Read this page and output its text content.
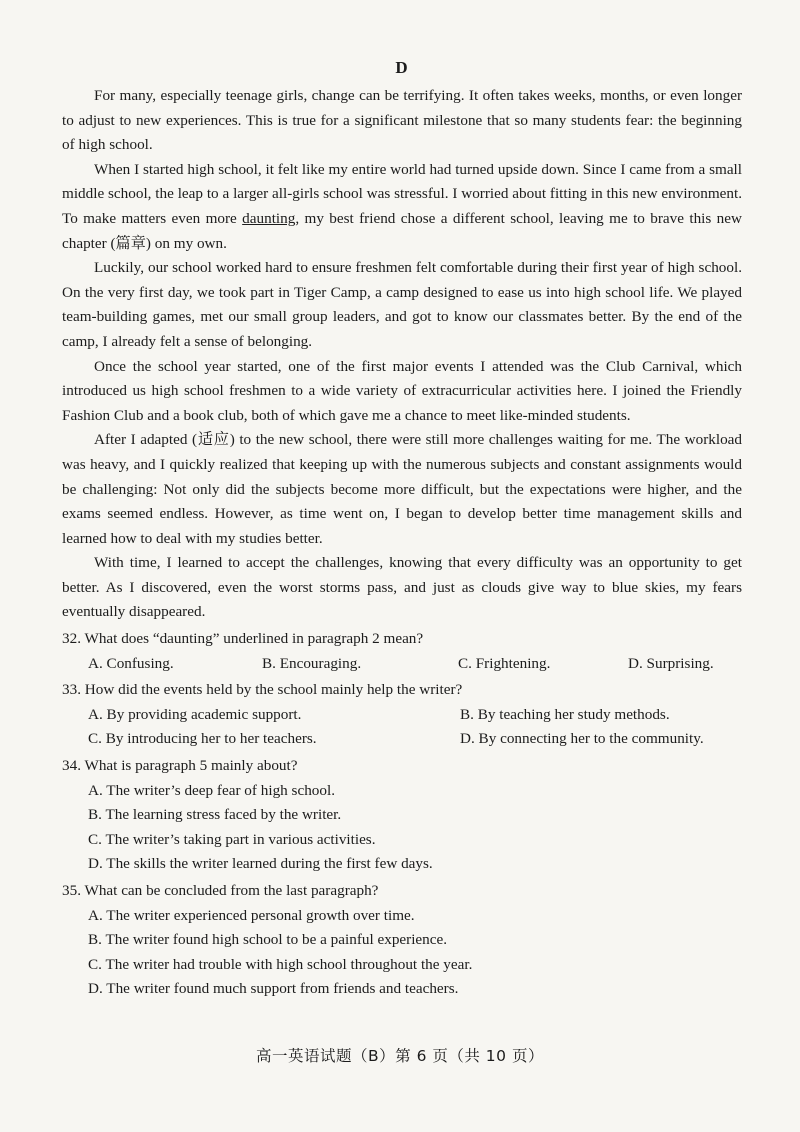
D

For many, especially teenage girls, change can be terrifying. It often takes weeks, months, or even longer to adjust to new experiences. This is true for a significant milestone that so many students fear: the beginning of high school.

When I started high school, it felt like my entire world had turned upside down. Since I came from a small middle school, the leap to a larger all-girls school was stressful. I worried about fitting in this new environment. To make matters even more daunting, my best friend chose a different school, leaving me to brave this new chapter (篇章) on my own.

Luckily, our school worked hard to ensure freshmen felt comfortable during their first year of high school. On the very first day, we took part in Tiger Camp, a camp designed to ease us into high school life. We played team-building games, met our small group leaders, and got to know our classmates better. By the end of the camp, I already felt a sense of belonging.

Once the school year started, one of the first major events I attended was the Club Carnival, which introduced us high school freshmen to a wide variety of extracurricular activities here. I joined the Friendly Fashion Club and a book club, both of which gave me a chance to meet like-minded students.

After I adapted (适应) to the new school, there were still more challenges waiting for me. The workload was heavy, and I quickly realized that keeping up with the numerous subjects and constant assignments would be challenging: Not only did the subjects become more difficult, but the expectations were higher, and the exams seemed endless. However, as time went on, I began to develop better time management skills and learned how to deal with my studies better.

With time, I learned to accept the challenges, knowing that every difficulty was an opportunity to get better. As I discovered, even the worst storms pass, and just as clouds give way to blue skies, my fears eventually disappeared.

32. What does “daunting” underlined in paragraph 2 mean?

A. Confusing.	B. Encouraging.	C. Frightening.	D. Surprising.

33. How did the events held by the school mainly help the writer?

A. By providing academic support.	B. By teaching her study methods.
C. By introducing her to her teachers.	D. By connecting her to the community.

34. What is paragraph 5 mainly about?

A. The writer’s deep fear of high school.
B. The learning stress faced by the writer.
C. The writer’s taking part in various activities.
D. The skills the writer learned during the first few days.

35. What can be concluded from the last paragraph?

A. The writer experienced personal growth over time.
B. The writer found high school to be a painful experience.
C. The writer had trouble with high school throughout the year.
D. The writer found much support from friends and teachers.
高一英语试题（B）第 6 页（共 10 页）
